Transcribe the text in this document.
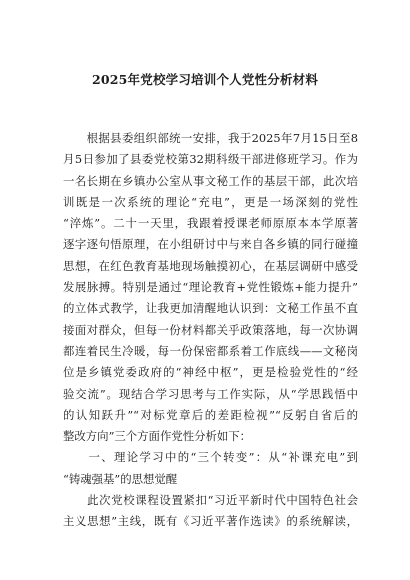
2025年党校学习培训个人党性分析材料
　　根据县委组织部统一安排，我于2025年7月15日至8
月5日参加了县委党校第32期科级干部进修班学习。作为
一名长期在乡镇办公室从事文秘工作的基层干部，此次培
训既是一次系统的理论“充电”，更是一场深刻的党性
“淬炼”。二十一天里，我跟着授课老师原原本本学原著
逐字逐句悟原理，在小组研讨中与来自各乡镇的同行碰撞
思想，在红色教育基地现场触摸初心，在基层调研中感受
发展脉搏。特别是通过“理论教育+党性锻炼+能力提升”
的立体式教学，让我更加清醒地认识到：文秘工作虽不直
接面对群众，但每一份材料都关乎政策落地，每一次协调
都连着民生冷暖，每一份保密都系着工作底线——文秘岗
位是乡镇党委政府的“神经中枢”，更是检验党性的“经
验交流”。现结合学习思考与工作实际，从“学思践悟中
的认知跃升”“对标党章后的差距检视”“反躬自省后的
整改方向”三个方面作党性分析如下：
　　一、理论学习中的“三个转变”：从“补课充电”到
“铸魂强基”的思想觉醒
　　此次党校课程设置紧扣“习近平新时代中国特色社会
主义思想”主线，既有《习近平著作选读》的系统解读，
